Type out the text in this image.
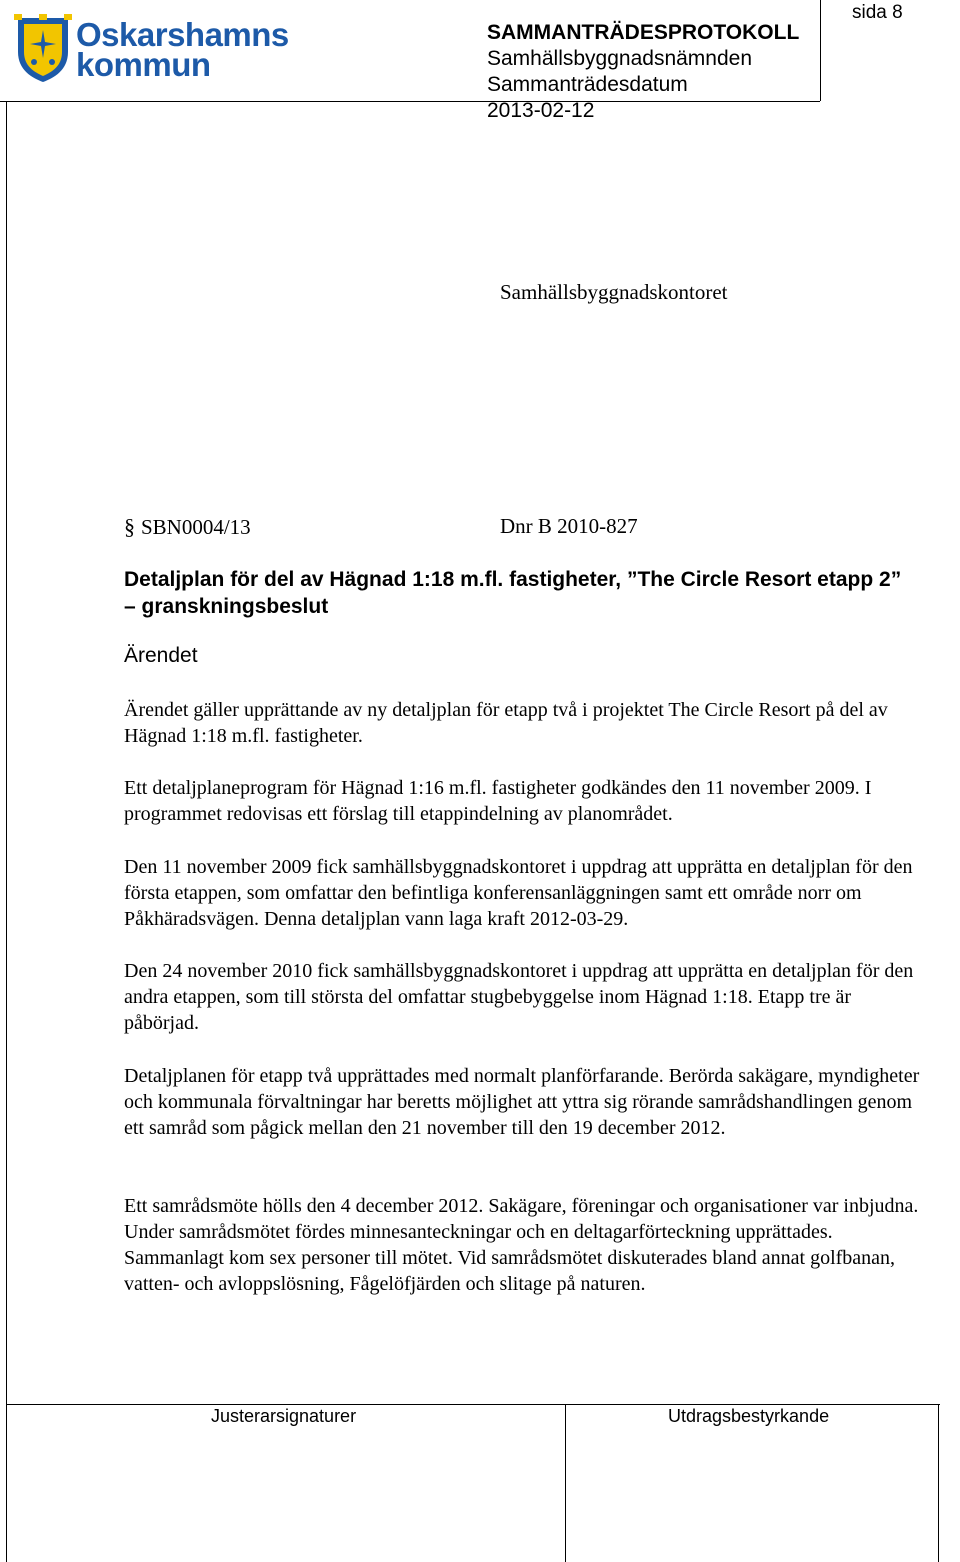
Oskarshamns
kommun
SAMMANTRÄDESPROTOKOLL
Samhällsbyggnadsnämnden
Sammanträdesdatum
2013-02-12
sida 8
Samhällsbyggnadskontoret
§ SBN0004/13	Dnr B 2010-827
Detaljplan för del av Hägnad 1:18 m.fl. fastigheter, ”The Circle Resort etapp 2” – granskningsbeslut
Ärendet
Ärendet gäller upprättande av ny detaljplan för etapp två i projektet The Circle Resort på del av Hägnad 1:18 m.fl. fastigheter.
Ett detaljplaneprogram för Hägnad 1:16 m.fl. fastigheter godkändes den 11 november 2009. I programmet redovisas ett förslag till etappindelning av planområdet.
Den 11 november 2009 fick samhällsbyggnadskontoret i uppdrag att upprätta en detaljplan för den första etappen, som omfattar den befintliga konferensanläggningen samt ett område norr om Påkhäradsvägen. Denna detaljplan vann laga kraft 2012-03-29.
Den 24 november 2010 fick samhällsbyggnadskontoret i uppdrag att upprätta en detaljplan för den andra etappen, som till största del omfattar stugbebyggelse inom Hägnad 1:18. Etapp tre är påbörjad.
Detaljplanen för etapp två upprättades med normalt planförfarande. Berörda sakägare, myndigheter och kommunala förvaltningar har beretts möjlighet att yttra sig rörande samrådshandlingen genom ett samråd som pågick mellan den 21 november till den 19 december 2012.
Ett samrådsmöte hölls den 4 december 2012. Sakägare, föreningar och organisationer var inbjudna. Under samrådsmötet fördes minnesanteckningar och en deltagarförteckning upprättades. Sammanlagt kom sex personer till mötet. Vid samrådsmötet diskuterades bland annat golfbanan, vatten- och avloppslösning, Fågelöfjärden och slitage på naturen.
Justerarsignaturer	Utdragsbestyrkande
